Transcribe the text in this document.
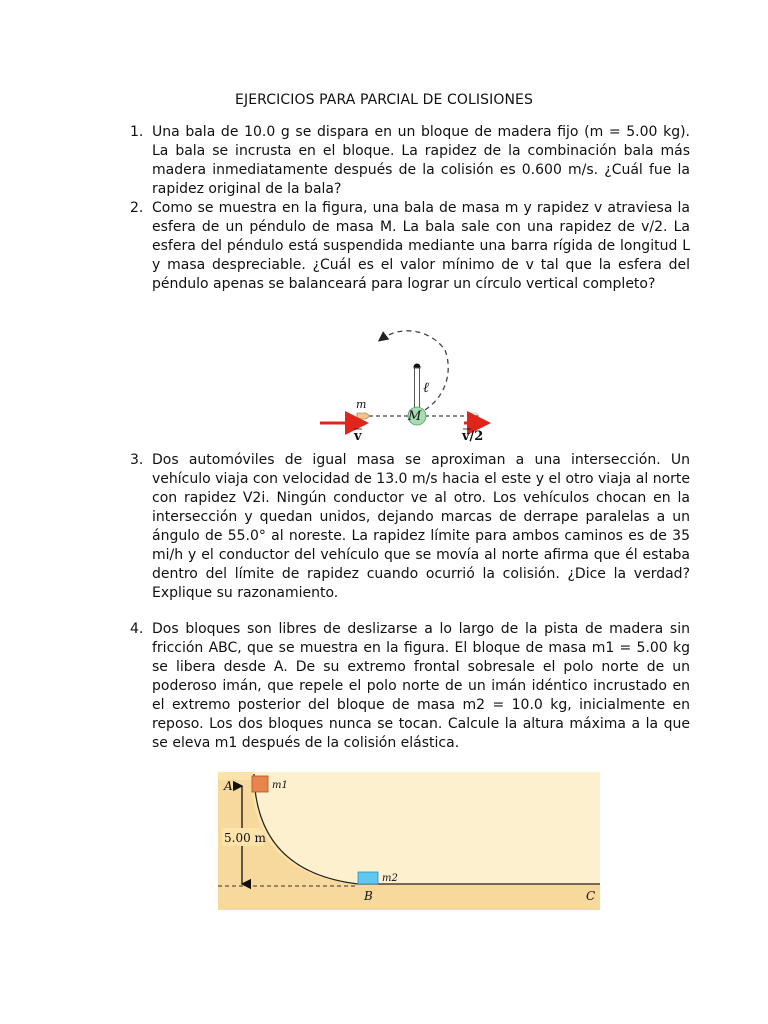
EJERCICIOS PARA PARCIAL DE COLISIONES
1. Una bala de 10.0 g se dispara en un bloque de madera fijo (m = 5.00 kg). La bala se incrusta en el bloque. La rapidez de la combinación bala más madera inmediatamente después de la colisión es 0.600 m/s. ¿Cuál fue la rapidez original de la bala?
2. Como se muestra en la figura, una bala de masa m y rapidez v atraviesa la esfera de un péndulo de masa M. La bala sale con una rapidez de v/2. La esfera del péndulo está suspendida mediante una barra rígida de longitud L y masa despreciable. ¿Cuál es el valor mínimo de v tal que la esfera del péndulo apenas se balanceará para lograr un círculo vertical completo?
ℓ
m
M
v	v/2
3. Dos automóviles de igual masa se aproximan a una intersección. Un vehículo viaja con velocidad de 13.0 m/s hacia el este y el otro viaja al norte con rapidez V2i. Ningún conductor ve al otro. Los vehículos chocan en la intersección y quedan unidos, dejando marcas de derrape paralelas a un ángulo de 55.0° al noreste. La rapidez límite para ambos caminos es de 35 mi/h y el conductor del vehículo que se movía al norte afirma que él estaba dentro del límite de rapidez cuando ocurrió la colisión. ¿Dice la verdad? Explique su razonamiento.
4. Dos bloques son libres de deslizarse a lo largo de la pista de madera sin fricción ABC, que se muestra en la figura. El bloque de masa m1 = 5.00 kg se libera desde A. De su extremo frontal sobresale el polo norte de un poderoso imán, que repele el polo norte de un imán idéntico incrustado en el extremo posterior del bloque de masa m2 = 10.0 kg, inicialmente en reposo. Los dos bloques nunca se tocan. Calcule la altura máxima a la que se eleva m1 después de la colisión elástica.
5.00 m
A
B	C
m1
m2
